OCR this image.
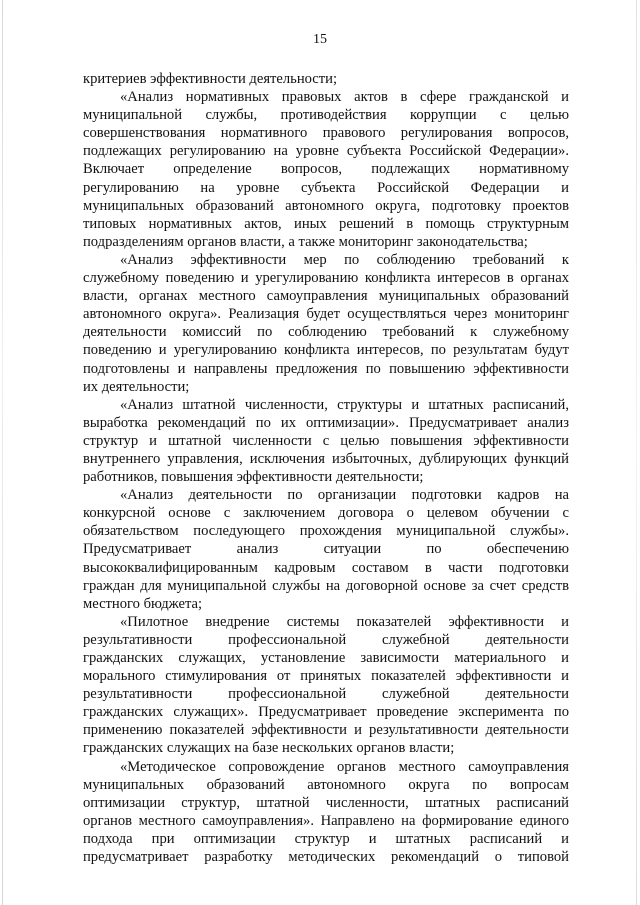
15
критериев эффективности деятельности;
«Анализ нормативных правовых актов в сфере гражданской и
муниципальной службы, противодействия коррупции с целью
совершенствования нормативного правового регулирования вопросов,
подлежащих регулированию на уровне субъекта Российской Федерации».
Включает определение вопросов, подлежащих нормативному
регулированию на уровне субъекта Российской Федерации и
муниципальных образований автономного округа, подготовку проектов
типовых нормативных актов, иных решений в помощь структурным
подразделениям органов власти, а также мониторинг законодательства;
«Анализ эффективности мер по соблюдению требований к
служебному поведению и урегулированию конфликта интересов в органах
власти, органах местного самоуправления муниципальных образований
автономного округа». Реализация будет осуществляться через мониторинг
деятельности комиссий по соблюдению требований к служебному
поведению и урегулированию конфликта интересов, по результатам будут
подготовлены и направлены предложения по повышению эффективности
их деятельности;
«Анализ штатной численности, структуры и штатных расписаний,
выработка рекомендаций по их оптимизации». Предусматривает анализ
структур и штатной численности с целью повышения эффективности
внутреннего управления, исключения избыточных, дублирующих функций
работников, повышения эффективности деятельности;
«Анализ деятельности по организации подготовки кадров на
конкурсной основе с заключением договора о целевом обучении с
обязательством последующего прохождения муниципальной службы».
Предусматривает анализ ситуации по обеспечению
высококвалифицированным кадровым составом в части подготовки
граждан для муниципальной службы на договорной основе за счет средств
местного бюджета;
«Пилотное внедрение системы показателей эффективности и
результативности профессиональной служебной деятельности
гражданских служащих, установление зависимости материального и
морального стимулирования от принятых показателей эффективности и
результативности профессиональной служебной деятельности
гражданских служащих». Предусматривает проведение эксперимента по
применению показателей эффективности и результативности деятельности
гражданских служащих на базе нескольких органов власти;
«Методическое сопровождение органов местного самоуправления
муниципальных образований автономного округа по вопросам
оптимизации структур, штатной численности, штатных расписаний
органов местного самоуправления». Направлено на формирование единого
подхода при оптимизации структур и штатных расписаний и
предусматривает разработку методических рекомендаций о типовой
